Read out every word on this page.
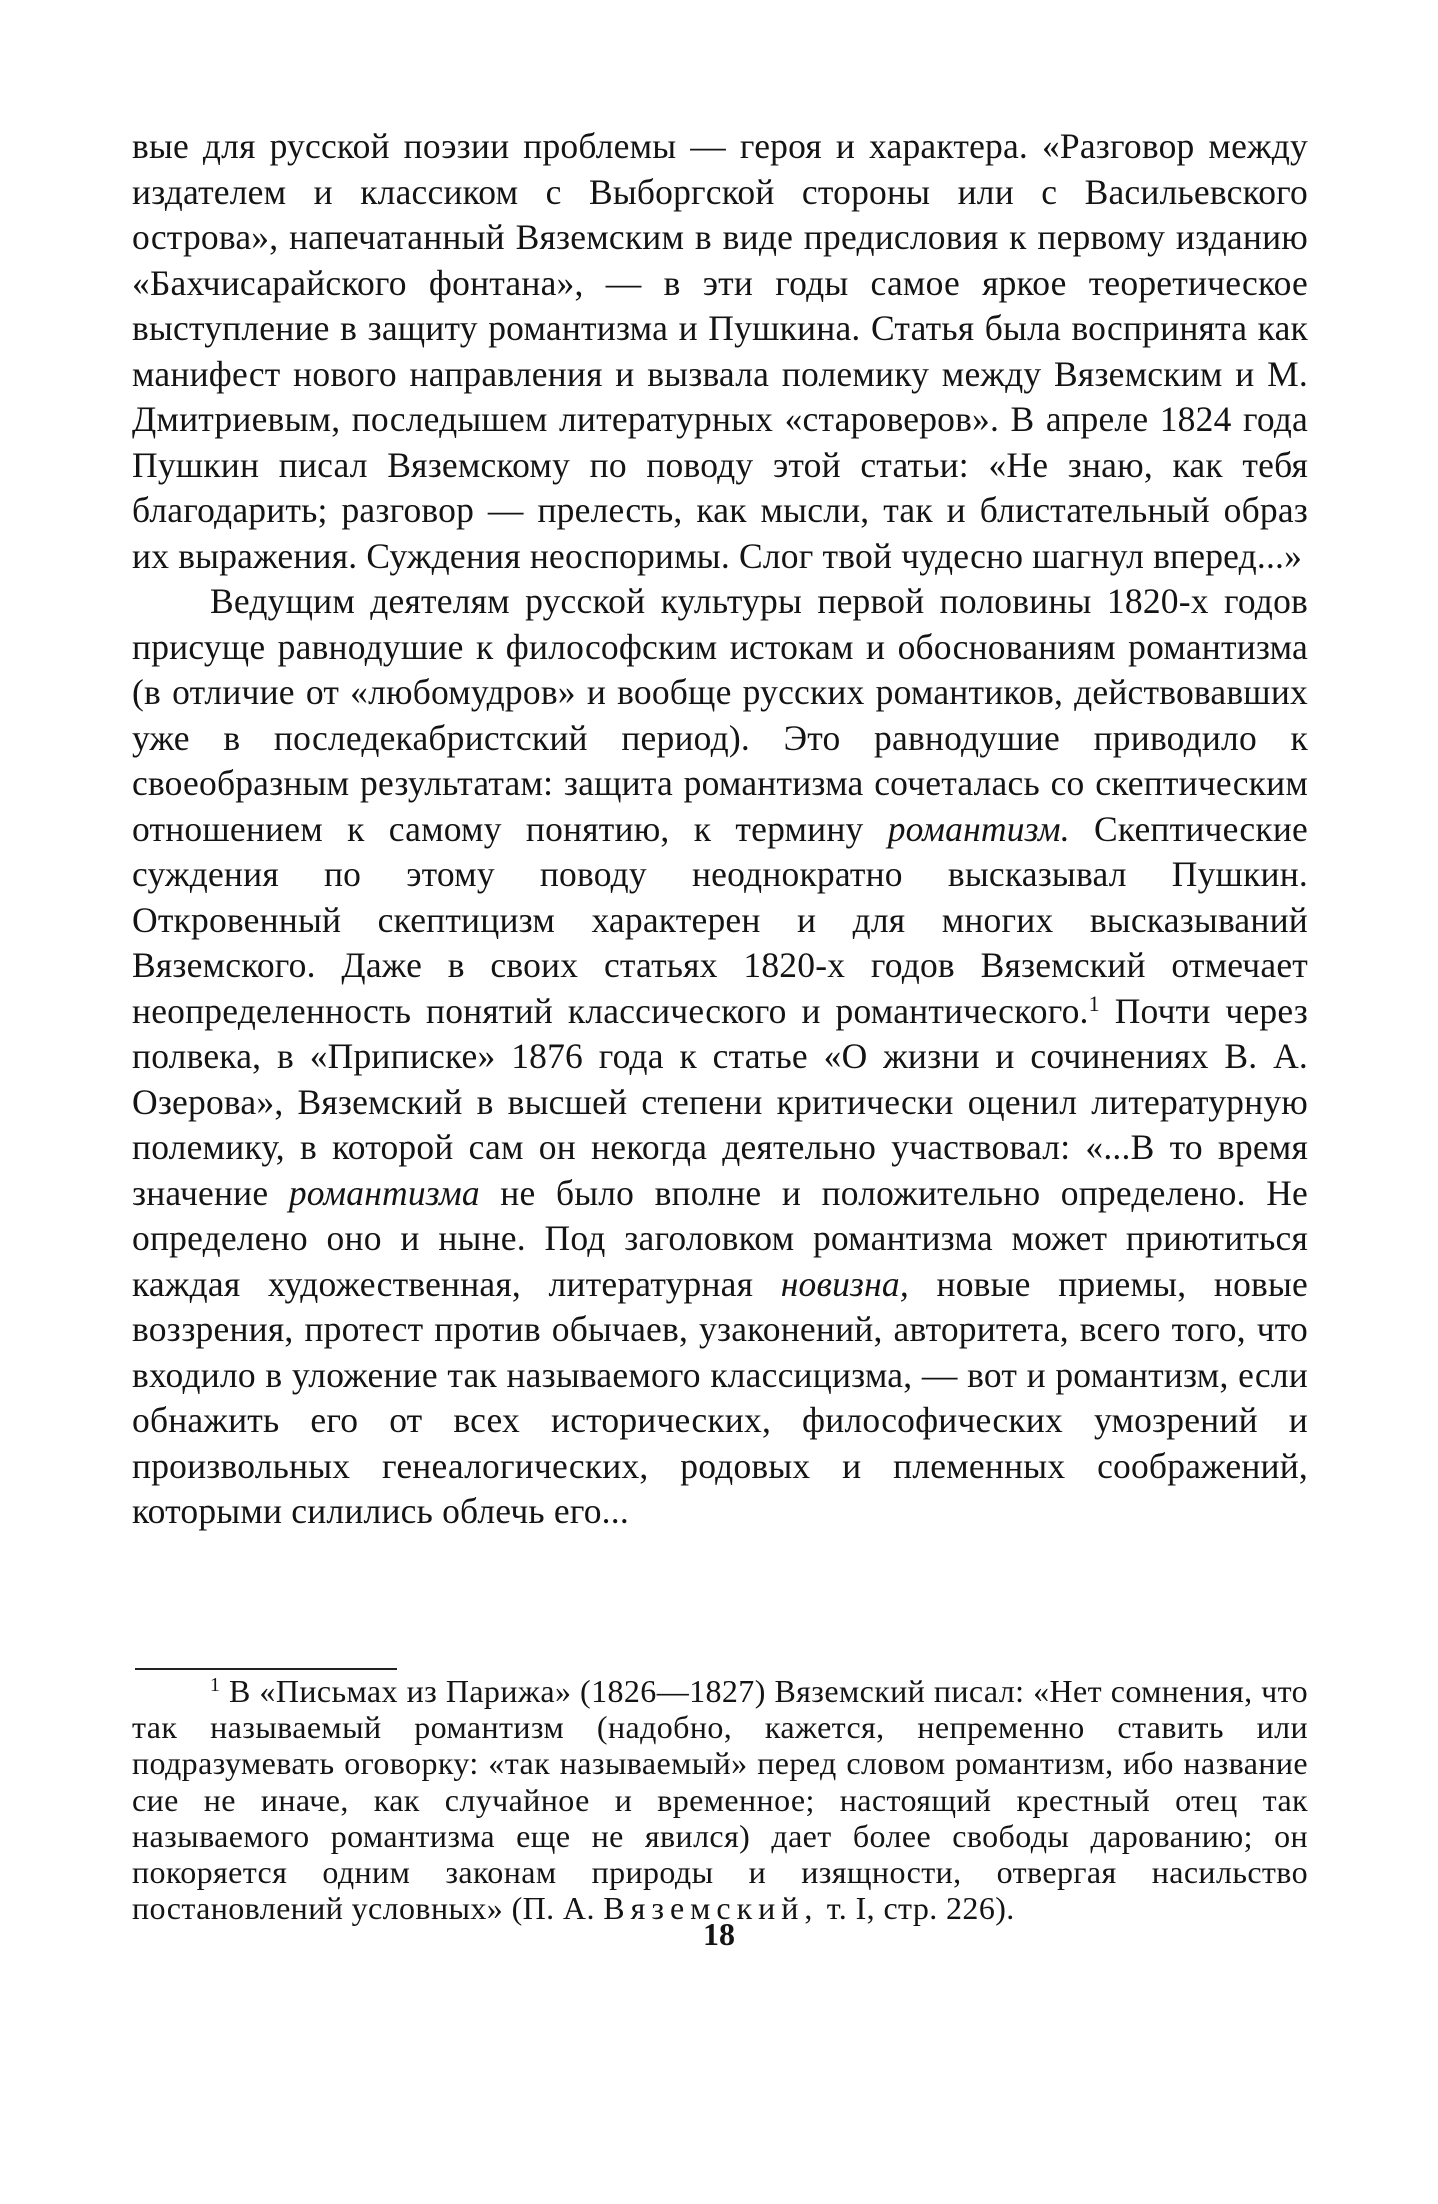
вые для русской поэзии проблемы — героя и характера. «Разговор между издателем и классиком с Выборгской стороны или с Васильевского острова», напечатанный Вяземским в виде предисловия к первому изданию «Бахчисарайского фонтана», — в эти годы самое яркое теоретическое выступление в защиту романтизма и Пушкина. Статья была воспринята как манифест нового направления и вызвала полемику между Вяземским и М. Дмитриевым, последышем литературных «староверов». В апреле 1824 года Пушкин писал Вяземскому по поводу этой статьи: «Не знаю, как тебя благодарить; разговор — прелесть, как мысли, так и блистательный образ их выражения. Суждения неоспоримы. Слог твой чудесно шагнул вперед...»

Ведущим деятелям русской культуры первой половины 1820-х годов присуще равнодушие к философским истокам и обоснованиям романтизма (в отличие от «любомудров» и вообще русских романтиков, действовавших уже в последекабристский период). Это равнодушие приводило к своеобразным результатам: защита романтизма сочеталась со скептическим отношением к самому понятию, к термину романтизм. Скептические суждения по этому поводу неоднократно высказывал Пушкин. Откровенный скептицизм характерен и для многих высказываний Вяземского. Даже в своих статьях 1820-х годов Вяземский отмечает неопределенность понятий классического и романтического.$^1$ Почти через полвека, в «Приписке» 1876 года к статье «О жизни и сочинениях В. А. Озерова», Вяземский в высшей степени критически оценил литературную полемику, в которой сам он некогда деятельно участвовал: «...В то время значение романтизма не было вполне и положительно определено. Не определено оно и ныне. Под заголовком романтизма может приютиться каждая художественная, литературная новизна, новые приемы, новые воззрения, протест против обычаев, узаконений, авторитета, всего того, что входило в уложение так называемого классицизма, — вот и романтизм, если обнажить его от всех исторических, философических умозрений и произвольных генеалогических, родовых и племенных соображений, которыми силились облечь его...

$^1$ В «Письмах из Парижа» (1826—1827) Вяземский писал: «Нет сомнения, что так называемый романтизм (надобно, кажется, непременно ставить или подразумевать оговорку: «так называемый» перед словом романтизм, ибо название сие не иначе, как случайное и временное; настоящий крестный отец так называемого романтизма еще не явился) дает более свободы дарованию; он покоряется одним законам природы и изящности, отвергая насильство постановлений условных» (П. А. Вяземский, т. I, стр. 226).

18
